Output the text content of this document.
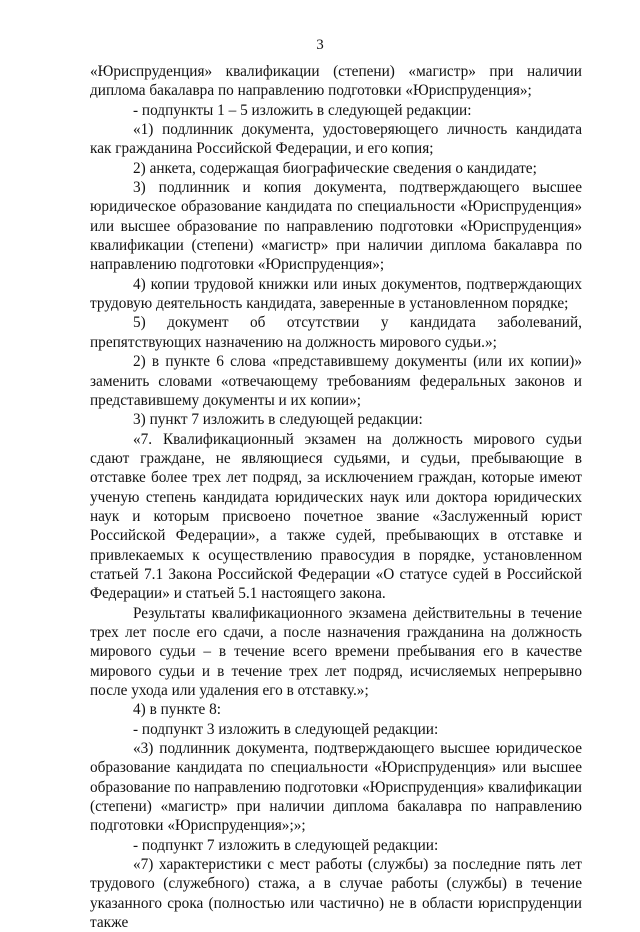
3

«Юриспруденция» квалификации (степени) «магистр» при наличии диплома бакалавра по направлению подготовки «Юриспруденция»;

- подпункты 1 – 5 изложить в следующей редакции:

«1) подлинник документа, удостоверяющего личность кандидата как гражданина Российской Федерации, и его копия;

2) анкета, содержащая биографические сведения о кандидате;

3) подлинник и копия документа, подтверждающего высшее юридическое образование кандидата по специальности «Юриспруденция» или высшее образование по направлению подготовки «Юриспруденция» квалификации (степени) «магистр» при наличии диплома бакалавра по направлению подготовки «Юриспруденция»;

4) копии трудовой книжки или иных документов, подтверждающих трудовую деятельность кандидата, заверенные в установленном порядке;

5) документ об отсутствии у кандидата заболеваний, препятствующих назначению на должность мирового судьи.»;

2) в пункте 6 слова «представившему документы (или их копии)» заменить словами «отвечающему требованиям федеральных законов и представившему документы и их копии»;

3) пункт 7 изложить в следующей редакции:

«7. Квалификационный экзамен на должность мирового судьи сдают граждане, не являющиеся судьями, и судьи, пребывающие в отставке более трех лет подряд, за исключением граждан, которые имеют ученую степень кандидата юридических наук или доктора юридических наук и которым присвоено почетное звание «Заслуженный юрист Российской Федерации», а также судей, пребывающих в отставке и привлекаемых к осуществлению правосудия в порядке, установленном статьей 7.1 Закона Российской Федерации «О статусе судей в Российской Федерации» и статьей 5.1 настоящего закона.

Результаты квалификационного экзамена действительны в течение трех лет после его сдачи, а после назначения гражданина на должность мирового судьи – в течение всего времени пребывания его в качестве мирового судьи и в течение трех лет подряд, исчисляемых непрерывно после ухода или удаления его в отставку.»;

4) в пункте 8:

- подпункт 3 изложить в следующей редакции:

«3) подлинник документа, подтверждающего высшее юридическое образование кандидата по специальности «Юриспруденция» или высшее образование по направлению подготовки «Юриспруденция» квалификации (степени) «магистр» при наличии диплома бакалавра по направлению подготовки «Юриспруденция»;»;

- подпункт 7 изложить в следующей редакции:

«7) характеристики с мест работы (службы) за последние пять лет трудового (служебного) стажа, а в случае работы (службы) в течение указанного срока (полностью или частично) не в области юриспруденции также
